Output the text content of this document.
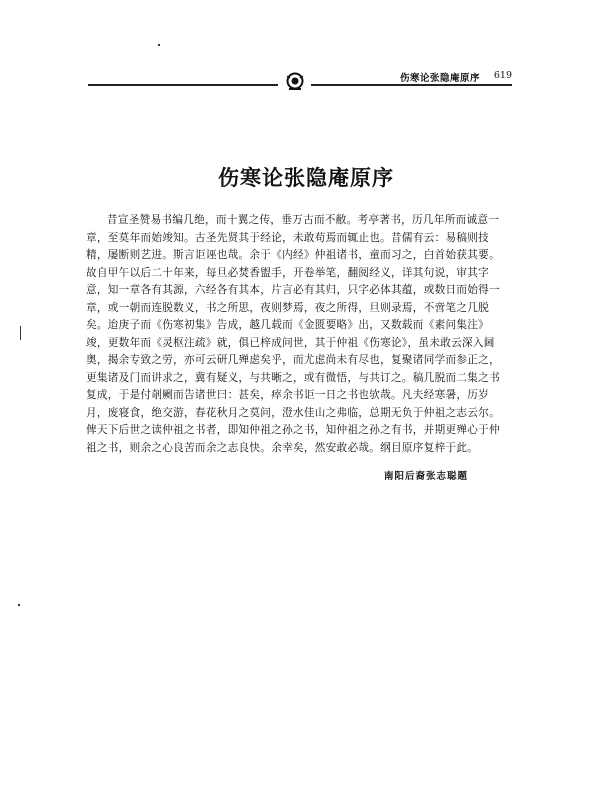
伤寒论张隐庵原序 619
伤寒论张隐庵原序
昔宣圣赞易书编几绝，而十翼之传，垂万古而不敝。考亭著书，历几年所而诚意一
章，至莫年而始竣知。古圣先贤其于经论，未敢苟焉而辄止也。昔儒有云：易稿则技
精，屡断则艺进。斯言讵诬也哉。余于《内经》仲祖诸书，童而习之，白首始获其要。
故自甲午以后二十年来，每旦必焚香盥手，开卷举笔，翻阅经义，详其句说，审其字
意，知一章各有其源，六经各有其本，片言必有其归，只字必体其蕴，或数日而始得一
章，或一朝而连脱数义，书之所思，夜则梦焉，夜之所得，旦则录焉，不啻笔之几脱
矣。迨庚子而《伤寒初集》告成，越几载而《金匮要略》出，又数载而《素问集注》
竣，更数年而《灵枢注疏》就，俱已梓成问世，其于仲祖《伤寒论》，虽未敢云深入阃
奥，揭余专致之劳，亦可云研几殚虑矣乎，而尤虑尚未有尽也，复聚诸同学而参正之，
更集诸及门而讲求之，冀有疑义，与共晰之，或有微悟，与共订之。稿几脱而二集之书
复成，于是付剞劂而告诸世曰：甚矣，瘁余书讵一日之书也欤哉。凡夫经寒暑，历岁
月，废寝食，绝交游，春花秋月之莫问，澄水佳山之弗临，总期无负于仲祖之志云尔。
俾天下后世之读仲祖之书者，即知仲祖之孙之书，知仲祖之孙之有书，并期更殚心于仲
祖之书，则余之心良苦而余之志良快。余幸矣，然安敢必哉。纲目原序复梓于此。
南阳后裔张志聪题
